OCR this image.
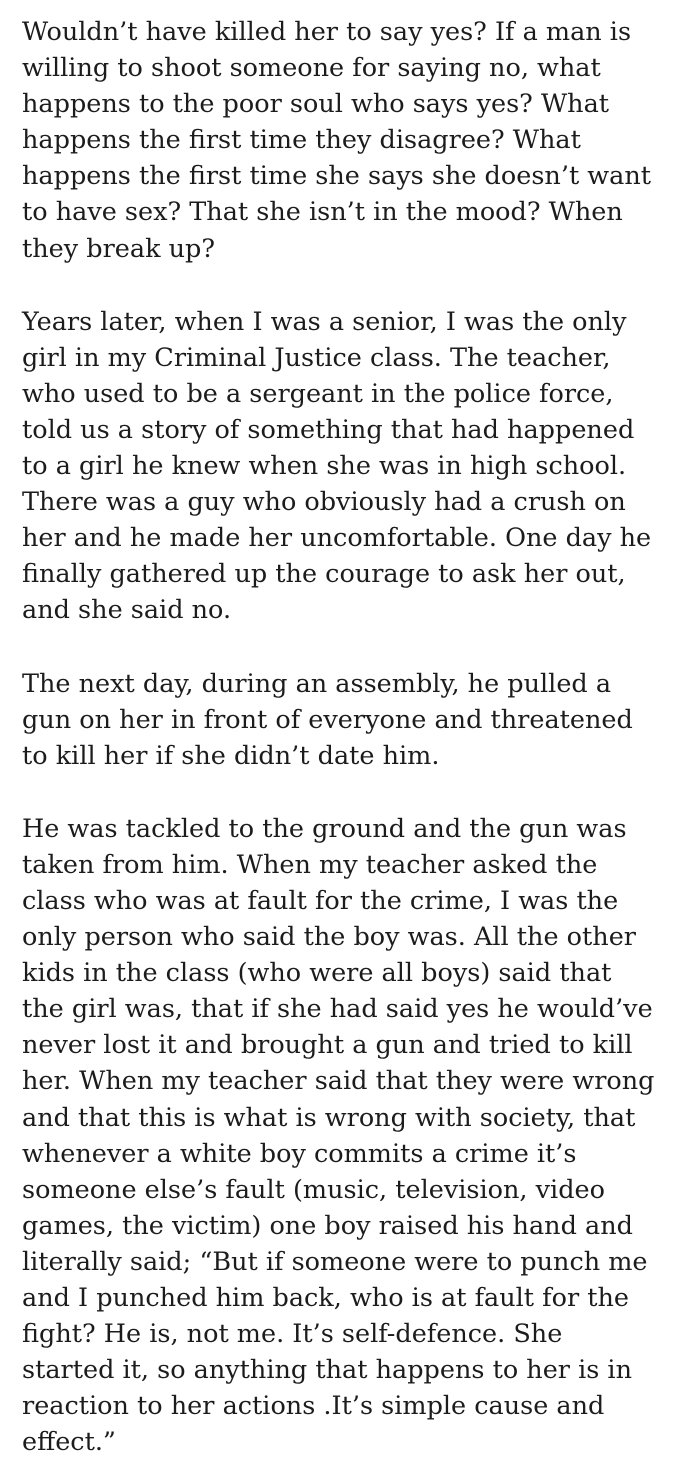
Wouldn’t have killed her to say yes? If a man is
willing to shoot someone for saying no, what
happens to the poor soul who says yes? What
happens the first time they disagree? What
happens the first time she says she doesn’t want
to have sex? That she isn’t in the mood? When
they break up?

Years later, when I was a senior, I was the only
girl in my Criminal Justice class. The teacher,
who used to be a sergeant in the police force,
told us a story of something that had happened
to a girl he knew when she was in high school.
There was a guy who obviously had a crush on
her and he made her uncomfortable. One day he
finally gathered up the courage to ask her out,
and she said no.

The next day, during an assembly, he pulled a
gun on her in front of everyone and threatened
to kill her if she didn’t date him.

He was tackled to the ground and the gun was
taken from him. When my teacher asked the
class who was at fault for the crime, I was the
only person who said the boy was. All the other
kids in the class (who were all boys) said that
the girl was, that if she had said yes he would’ve
never lost it and brought a gun and tried to kill
her. When my teacher said that they were wrong
and that this is what is wrong with society, that
whenever a white boy commits a crime it’s
someone else’s fault (music, television, video
games, the victim) one boy raised his hand and
literally said; “But if someone were to punch me
and I punched him back, who is at fault for the
fight? He is, not me. It’s self-defence. She
started it, so anything that happens to her is in
reaction to her actions .It’s simple cause and
effect.”
